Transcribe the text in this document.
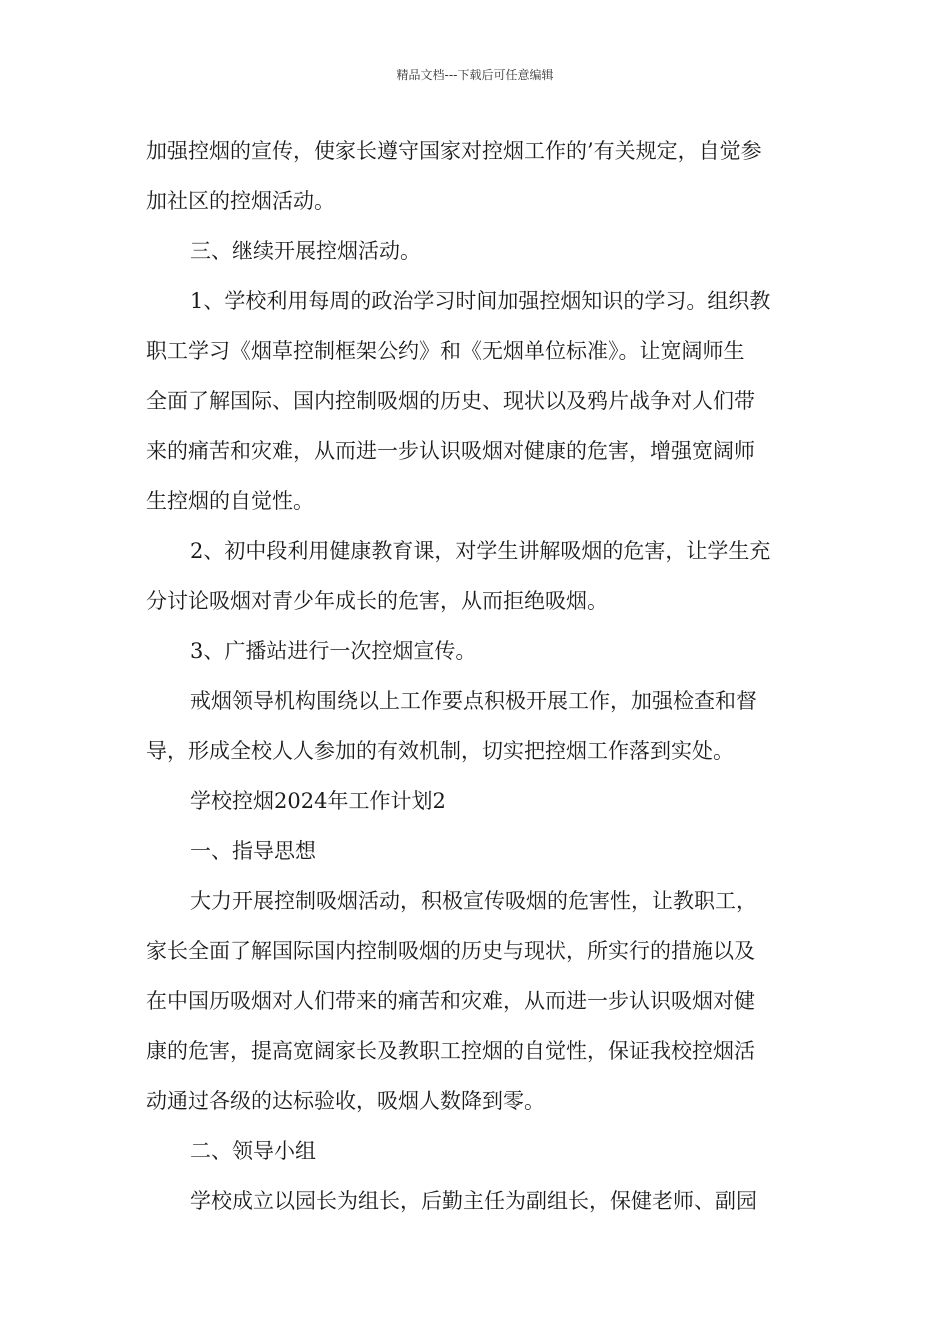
精品文档---下载后可任意编辑
加强控烟的宣传，使家长遵守国家对控烟工作的’有关规定，自觉参
加社区的控烟活动。
三、继续开展控烟活动。
1、学校利用每周的政治学习时间加强控烟知识的学习。组织教
职工学习《烟草控制框架公约》和《无烟单位标准》。让宽阔师生
全面了解国际、国内控制吸烟的历史、现状以及鸦片战争对人们带
来的痛苦和灾难，从而进一步认识吸烟对健康的危害，增强宽阔师
生控烟的自觉性。
2、初中段利用健康教育课，对学生讲解吸烟的危害，让学生充
分讨论吸烟对青少年成长的危害，从而拒绝吸烟。
3、广播站进行一次控烟宣传。
戒烟领导机构围绕以上工作要点积极开展工作，加强检查和督
导，形成全校人人参加的有效机制，切实把控烟工作落到实处。
学校控烟2024年工作计划2
一、指导思想
大力开展控制吸烟活动，积极宣传吸烟的危害性，让教职工，
家长全面了解国际国内控制吸烟的历史与现状，所实行的措施以及
在中国历吸烟对人们带来的痛苦和灾难，从而进一步认识吸烟对健
康的危害，提高宽阔家长及教职工控烟的自觉性，保证我校控烟活
动通过各级的达标验收，吸烟人数降到零。
二、领导小组
学校成立以园长为组长，后勤主任为副组长，保健老师、副园
